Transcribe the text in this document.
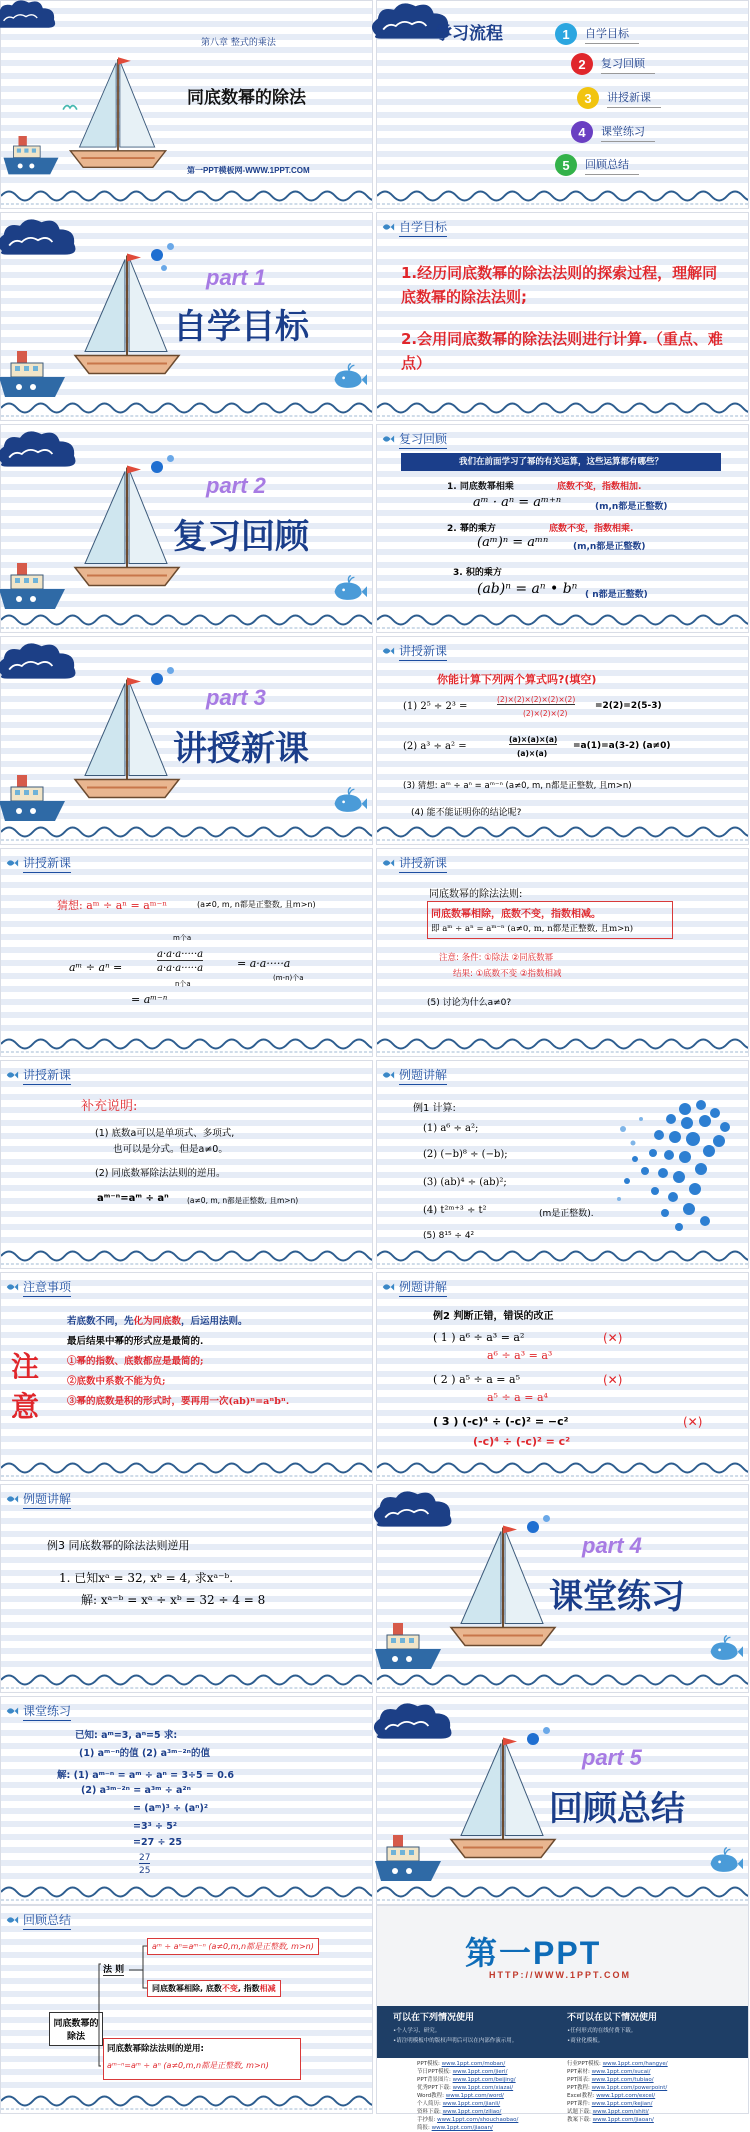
第八章 整式的乘法
同底数幂的除法
第一PPT模板网-WWW.1PPT.COM
学习流程	1	自学目标
2	复习回顾
3	讲授新课
4	课堂练习
5	回顾总结
part 1
自学目标
自学目标
1.经历同底数幂的除法法则的探索过程，理解同底数幂的除法法则;
2.会用同底数幂的除法法则进行计算.（重点、难点）
part 2
复习回顾
复习回顾
我们在前面学习了幂的有关运算，这些运算都有哪些？
1. 同底数幂相乘	底数不变，指数相加.
aᵐ · aⁿ = aᵐ⁺ⁿ	(m,n都是正整数)
2. 幂的乘方	底数不变，指数相乘.
(aᵐ)ⁿ = aᵐⁿ	(m,n都是正整数)
3. 积的乘方
(ab)ⁿ = aⁿ • bⁿ ( n都是正整数)
part 3
讲授新课
讲授新课
你能计算下列两个算式吗?(填空)
(1) 2⁵ ÷ 2³ =
(2)×(2)×(2)×(2)×(2)
(2)×(2)×(2)
=2(2)=2(5-3)
(2) a³ ÷ a² =
(a)×(a)×(a)
(a)×(a)
=a(1)=a(3-2) (a≠0)
(3) 猜想: aᵐ ÷ aⁿ = aᵐ⁻ⁿ (a≠0, m, n都是正整数, 且m>n)
(4) 能不能证明你的结论呢?
讲授新课
猜想: aᵐ ÷ aⁿ = aᵐ⁻ⁿ	(a≠0, m, n都是正整数, 且m>n)
m个a
aᵐ ÷ aⁿ =
a·a·a·····a
a·a·a·····a
n个a
= a·a·····a
(m-n)个a
= aᵐ⁻ⁿ
讲授新课
同底数幂的除法法则:
同底数幂相除，底数不变，指数相减。
即 aᵐ ÷ aⁿ = aᵐ⁻ⁿ (a≠0, m, n都是正整数, 且m>n)
注意: 条件: ①除法 ②同底数幂
结果: ①底数不变 ②指数相减
(5) 讨论为什么a≠0?
讲授新课
补充说明:
(1) 底数a可以是单项式、多项式,
也可以是分式。但是a≠0。
(2) 同底数幂除法法则的逆用。
aᵐ⁻ⁿ=aᵐ ÷ aⁿ (a≠0, m, n都是正整数, 且m>n)
例题讲解
例1 计算:
(1) a⁶ ÷ a²;
(2) (−b)⁸ ÷ (−b);
(3) (ab)⁴ ÷ (ab)²;
(4) t²ᵐ⁺³ ÷ t²	(m是正整数).
(5) 8¹⁵ ÷ 4²
注意事项
注
意
若底数不同，先化为同底数，后运用法则。
最后结果中幂的形式应是最简的.
①幂的指数、底数都应是最简的;
②底数中系数不能为负;
③幂的底数是积的形式时，要再用一次(ab)ⁿ=aⁿbⁿ.
例题讲解
例2 判断正错，错误的改正
( 1 ) a⁶ ÷ a³ = a²	(✕)
a⁶ ÷ a³ = a³
( 2 ) a⁵ ÷ a = a⁵	(✕)
a⁵ ÷ a = a⁴
( 3 ) (-c)⁴ ÷ (-c)² = −c²	(✕)
(-c)⁴ ÷ (-c)² = c²
例题讲解
例3 同底数幂的除法法则逆用
1. 已知xᵃ = 32, xᵇ = 4, 求xᵃ⁻ᵇ.
解: xᵃ⁻ᵇ = xᵃ ÷ xᵇ = 32 ÷ 4 = 8
part 4
课堂练习
课堂练习
已知: aᵐ=3, aⁿ=5 求:
(1) aᵐ⁻ⁿ的值 (2) a³ᵐ⁻²ⁿ的值
解: (1) aᵐ⁻ⁿ = aᵐ ÷ aⁿ = 3÷5 = 0.6
(2) a³ᵐ⁻²ⁿ = a³ᵐ ÷ a²ⁿ
= (aᵐ)³ ÷ (aⁿ)²
=3³ ÷ 5²
=27 ÷ 25
27
25
part 5
回顾总结
回顾总结
同底数幂的除法
法 则
aᵐ ÷ aⁿ=aᵐ⁻ⁿ (a≠0,m,n都是正整数, m>n)
同底数幂相除, 底数不变, 指数相减
同底数幂除法法则的逆用:
aᵐ⁻ⁿ=aᵐ ÷ aⁿ (a≠0,m,n都是正整数, m>n)
第一PPT
HTTP://WWW.1PPT.COM
可以在下列情况使用
•个人学习、研究。
•请注明模板中的版权声明后可以在内部作演示用。
不可以在以下情况使用
•任何形式的在线付费下载。
•商业化模板。
PPT模板: www.1ppt.com/moban/
节日PPT模板: www.1ppt.com/jieri/
PPT背景图片: www.1ppt.com/beijing/
优秀PPT下载: www.1ppt.com/xiazai/
Word教程: www.1ppt.com/word/
个人简历: www.1ppt.com/jianli/
资料下载: www.1ppt.com/ziliao/
手抄报: www.1ppt.com/shouchaobao/
简报: www.1ppt.com/jiaoan/
行业PPT模板: www.1ppt.com/hangye/
PPT素材: www.1ppt.com/sucai/
PPT图表: www.1ppt.com/tubiao/
PPT教程: www.1ppt.com/powerpoint/
Excel教程: www.1ppt.com/excel/
PPT课件: www.1ppt.com/kejian/
试题下载: www.1ppt.com/shiti/
教案下载: www.1ppt.com/jiaoan/
